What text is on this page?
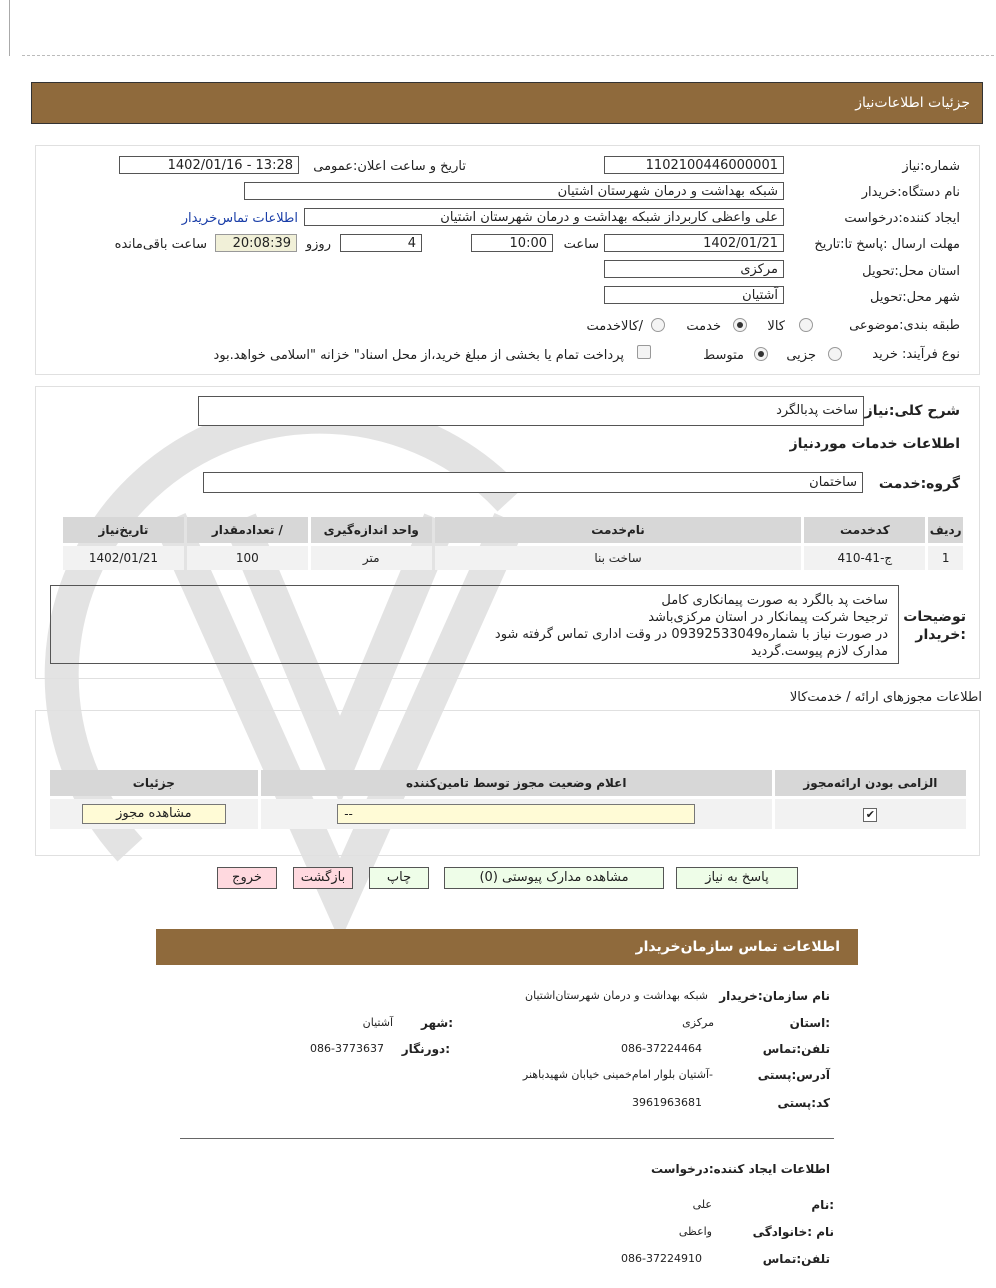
جزئیات اطلاعات‌نیاز
شماره:نیاز
1102100446000001
تاریخ و ساعت اعلان:عمومی
1402/01/16 - 13:28
نام دستگاه:خریدار
شبکه بهداشت و درمان شهرستان اشتیان
ایجاد کننده:درخواست
علی واعظی کاربرداز شبکه بهداشت و درمان شهرستان اشتیان
اطلاعات تماس‌خریدار
مهلت ارسال :پاسخ تا:تاریخ
1402/01/21
ساعت
10:00
4
روزو
20:08:39
ساعت باقی‌مانده
استان محل:تحویل
مرکزی
شهر محل:تحویل
آشتیان
طبقه بندی:موضوعی
کالا
خدمت
/کالاخدمت
نوع فرآیند: خرید
جزیی
متوسط
پرداخت تمام یا بخشی از مبلغ خرید،از محل اسناد" خزانه "اسلامی خواهد.بود
شرح کلی:نیاز
ساخت پدبالگرد
اطلاعات خدمات موردنیاز
گروه:خدمت
ساختمان
ردیف	کدخدمت	نام‌خدمت	واحد اندازه‌گیری	/ تعدادمقدار	تاریخ‌نیاز
1	ج-41-410	ساخت بنا	متر	100	1402/01/21
توضیحات :خریدار
ساخت پد بالگرد به صورت پیمانکاری کامل
ترجیحا شرکت پیمانکار در استان مرکزی‌باشد
در صورت نیاز با شماره09392533049 در وقت اداری تماس گرفته شود
مدارک لازم پیوست.گردید
اطلاعات مجوزهای ارائه / خدمت‌کالا
الزامی بودن ارائه‌مجوز	اعلام وضعیت مجوز توسط تامین‌کننده	جزئیات
✔	--	مشاهده مجوز
پاسخ به نیاز
مشاهده مدارک پیوستی (0)
چاپ
بازگشت
خروج
اطلاعات تماس سازمان‌خریدار
نام سازمان:خریدار
شبکه بهداشت و درمان شهرستان‌اشتیان
:استان
مرکزی
:شهر
آشتیان
تلفن:تماس
086-37224464
:دورنگار
086-3773637
آدرس:پستی
-آشتیان بلوار امام‌خمینی خیابان شهیدباهنر
کد:پستی
3961963681
اطلاعات ایجاد کننده:درخواست
:نام
علی
نام :خانوادگی
واعظی
تلفن:تماس
086-37224910
